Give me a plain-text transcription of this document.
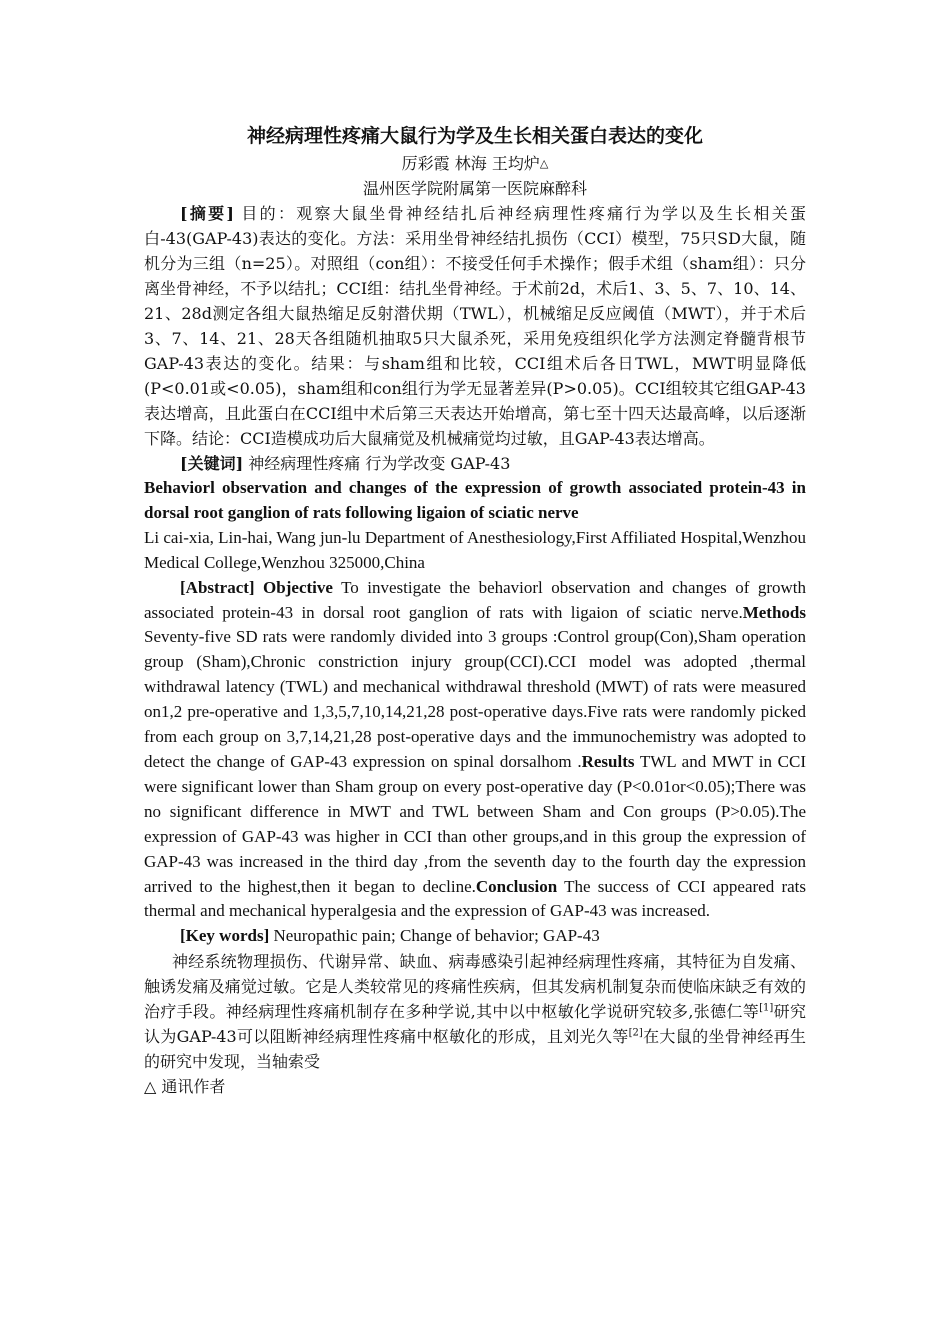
神经病理性疼痛大鼠行为学及生长相关蛋白表达的变化
厉彩霞 林海 王均炉△
温州医学院附属第一医院麻醉科

[摘要] 目的：观察大鼠坐骨神经结扎后神经病理性疼痛行为学以及生长相关蛋白-43(GAP-43)表达的变化。方法：采用坐骨神经结扎损伤（CCI）模型，75只SD大鼠，随机分为三组（n=25）。对照组（con组）：不接受任何手术操作；假手术组（sham组）：只分离坐骨神经，不予以结扎；CCI组：结扎坐骨神经。于术前2d，术后1、3、5、7、10、14、21、28d测定各组大鼠热缩足反射潜伏期（TWL），机械缩足反应阈值（MWT），并于术后3、7、14、21、28天各组随机抽取5只大鼠杀死，采用免疫组织化学方法测定脊髓背根节GAP-43表达的变化。结果：与sham组和比较，CCI组术后各日TWL，MWT明显降低(P<0.01或<0.05)，sham组和con组行为学无显著差异(P>0.05)。CCI组较其它组GAP-43表达增高，且此蛋白在CCI组中术后第三天表达开始增高，第七至十四天达最高峰，以后逐渐下降。结论：CCI造模成功后大鼠痛觉及机械痛觉均过敏，且GAP-43表达增高。

[关键词] 神经病理性疼痛 行为学改变 GAP-43

Behaviorl observation and changes of the expression of growth associated protein-43 in dorsal root ganglion of rats following ligaion of sciatic nerve

Li cai-xia, Lin-hai, Wang jun-lu Department of Anesthesiology,First Affiliated Hospital,Wenzhou Medical College,Wenzhou 325000,China

[Abstract] Objective To investigate the behaviorl observation and changes of growth associated protein-43 in dorsal root ganglion of rats with ligaion of sciatic nerve.Methods Seventy-five SD rats were randomly divided into 3 groups :Control group(Con),Sham operation group (Sham),Chronic constriction injury group(CCI).CCI model was adopted ,thermal withdrawal latency (TWL) and mechanical withdrawal threshold (MWT) of rats were measured on1,2 pre-operative and 1,3,5,7,10,14,21,28 post-operative days.Five rats were randomly picked from each group on 3,7,14,21,28 post-operative days and the immunochemistry was adopted to detect the change of GAP-43 expression on spinal dorsalhom .Results TWL and MWT in CCI were significant lower than Sham group on every post-operative day (P<0.01or<0.05);There was no significant difference in MWT and TWL between Sham and Con groups (P>0.05).The expression of GAP-43 was higher in CCI than other groups,and in this group the expression of GAP-43 was increased in the third day ,from the seventh day to the fourth day the expression arrived to the highest,then it began to decline.Conclusion The success of CCI appeared rats thermal and mechanical hyperalgesia and the expression of GAP-43 was increased.

[Key words] Neuropathic pain; Change of behavior; GAP-43

神经系统物理损伤、代谢异常、缺血、病毒感染引起神经病理性疼痛，其特征为自发痛、触诱发痛及痛觉过敏。它是人类较常见的疼痛性疾病，但其发病机制复杂而使临床缺乏有效的治疗手段。神经病理性疼痛机制存在多种学说,其中以中枢敏化学说研究较多,张德仁等[1]研究认为GAP-43可以阻断神经病理性疼痛中枢敏化的形成，且刘光久等[2]在大鼠的坐骨神经再生的研究中发现，当轴索受

△ 通讯作者
